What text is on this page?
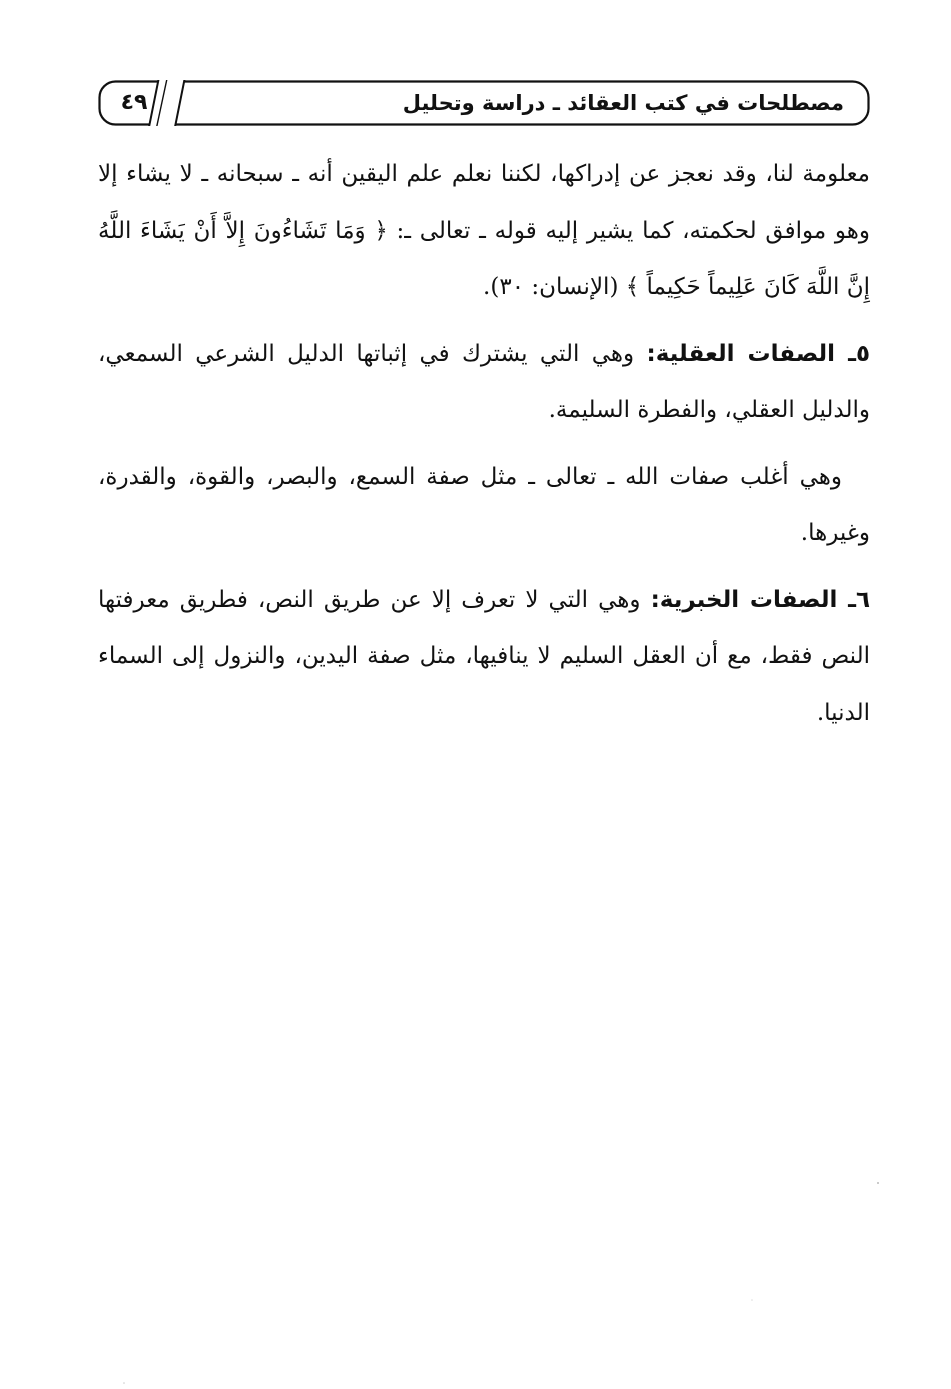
مصطلحات في كتب العقائد ـ دراسة وتحليل
٤٩

معلومة لنا، وقد نعجز عن إدراكها، لكننا نعلم علم اليقين أنه ـ سبحانه ـ لا يشاء إلا وهو موافق لحكمته، كما يشير إليه قوله ـ تعالى ـ: ﴿ وَمَا تَشَاءُونَ إِلاَّ أَنْ يَشَاءَ اللَّهُ إِنَّ اللَّهَ كَانَ عَلِيماً حَكِيماً ﴾ (الإنسان: ٣٠).

٥ـ الصفات العقلية: وهي التي يشترك في إثباتها الدليل الشرعي السمعي، والدليل العقلي، والفطرة السليمة.

وهي أغلب صفات الله ـ تعالى ـ مثل صفة السمع، والبصر، والقوة، والقدرة، وغيرها.

٦ـ الصفات الخبرية: وهي التي لا تعرف إلا عن طريق النص، فطريق معرفتها النص فقط، مع أن العقل السليم لا ينافيها، مثل صفة اليدين، والنزول إلى السماء الدنيا.
